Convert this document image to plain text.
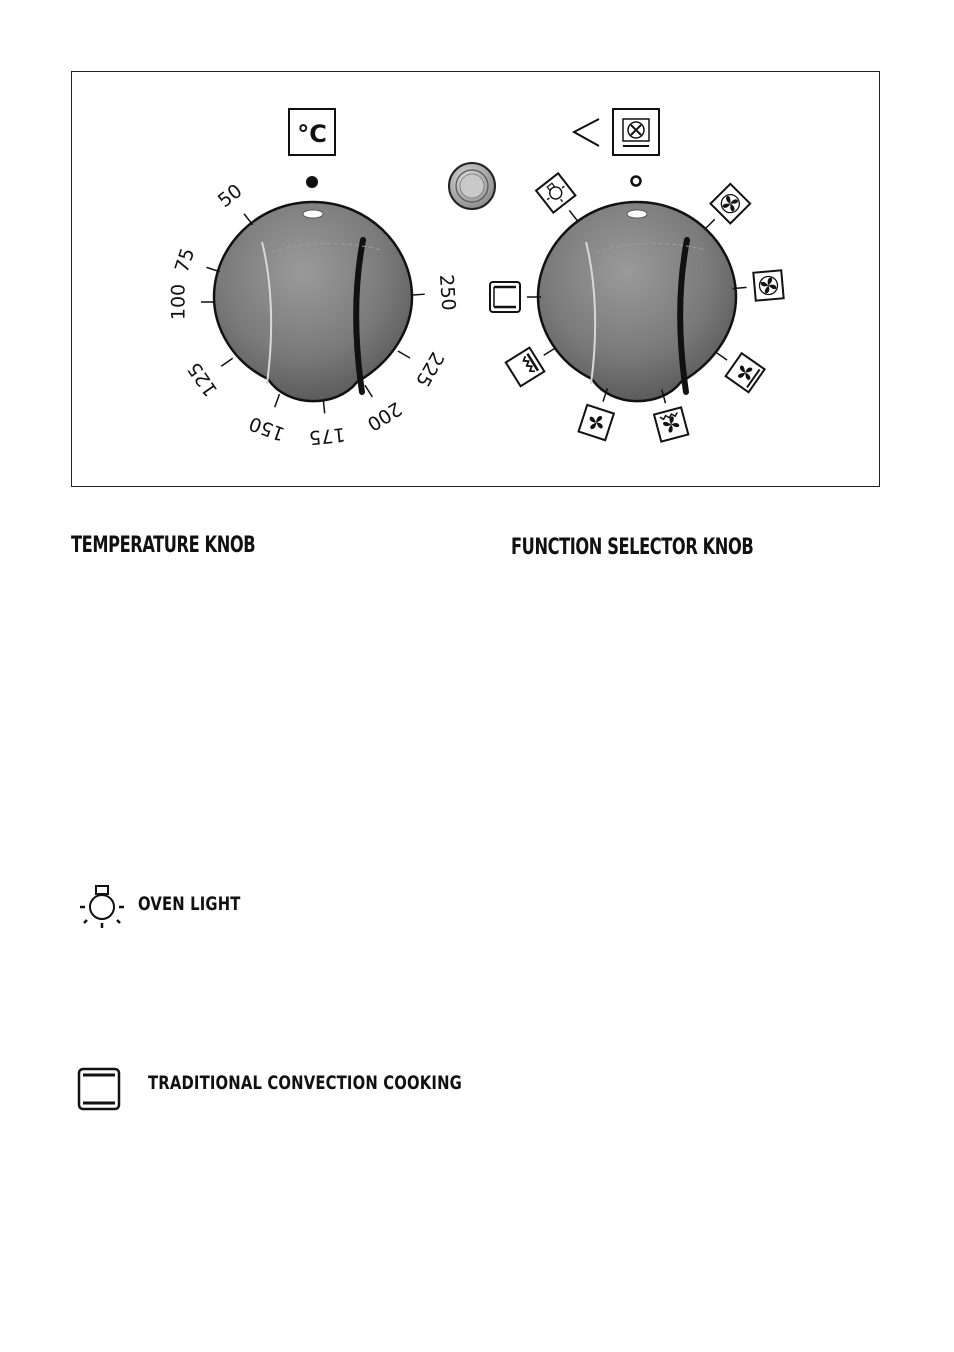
°C
50
75
100
125
150 175
200
225
250
TEMPERATURE KNOB	FUNCTION SELECTOR KNOB
OVEN LIGHT
TRADITIONAL CONVECTION COOKING
